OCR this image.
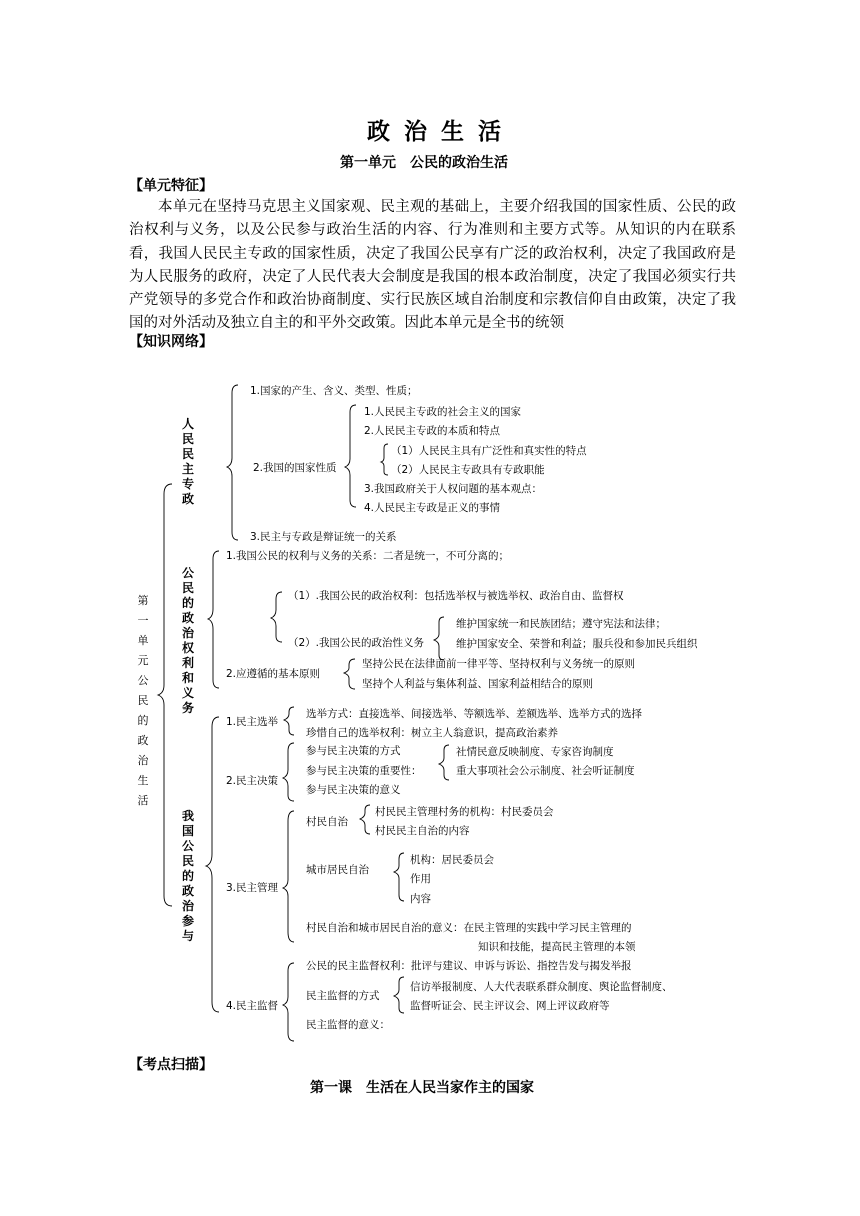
政治生活
第一单元　公民的政治生活
【单元特征】

本单元在坚持马克思主义国家观、民主观的基础上，主要介绍我国的国家性质、公民的政治权利与义务，以及公民参与政治生活的内容、行为准则和主要方式等。从知识的内在联系看，我国人民民主专政的国家性质，决定了我国公民享有广泛的政治权利，决定了我国政府是为人民服务的政府，决定了人民代表大会制度是我国的根本政治制度，决定了我国必须实行共产党领导的多党合作和政治协商制度、实行民族区域自治制度和宗教信仰自由政策，决定了我国的对外活动及独立自主的和平外交政策。因此本单元是全书的统领

【知识网络】
第一单元公民的政治生活
人民民主专政
1.国家的产生、含义、类型、性质；
1.人民民主专政的社会主义的国家
2.人民民主专政的本质和特点
（1）人民民主具有广泛性和真实性的特点
2.我国的国家性质	（2）人民民主专政具有专政职能
3.我国政府关于人权问题的基本观点：
4.人民民主专政是正义的事情
3.民主与专政是辩证统一的关系
公民的政治权利和义务
1.我国公民的权利与义务的关系：二者是统一，不可分离的；
（1）.我国公民的政治权利：包括选举权与被选举权、政治自由、监督权
维护国家统一和民族团结；遵守宪法和法律；
（2）.我国公民的政治性义务	维护国家安全、荣誉和利益；服兵役和参加民兵组织
坚持公民在法律面前一律平等、坚持权利与义务统一的原则
2.应遵循的基本原则
坚持个人利益与集体利益、国家利益相结合的原则
我国公民的政治参与
选举方式：直接选举、间接选举、等额选举、差额选举、选举方式的选择
1.民主选举
珍惜自己的选举权利：树立主人翁意识，提高政治素养
参与民主决策的方式	社情民意反映制度、专家咨询制度
参与民主决策的重要性：	重大事项社会公示制度、社会听证制度
2.民主决策
参与民主决策的意义
村民民主管理村务的机构：村民委员会
村民自治
村民民主自治的内容
机构：居民委员会
城市居民自治
作用
3.民主管理
内容
村民自治和城市居民自治的意义：在民主管理的实践中学习民主管理的
知识和技能，提高民主管理的本领
公民的民主监督权利：批评与建议、申诉与诉讼、指控告发与揭发举报
信访举报制度、人大代表联系群众制度、舆论监督制度、
民主监督的方式
4.民主监督	监督听证会、民主评议会、网上评议政府等
民主监督的意义：
【考点扫描】
第一课　生活在人民当家作主的国家
